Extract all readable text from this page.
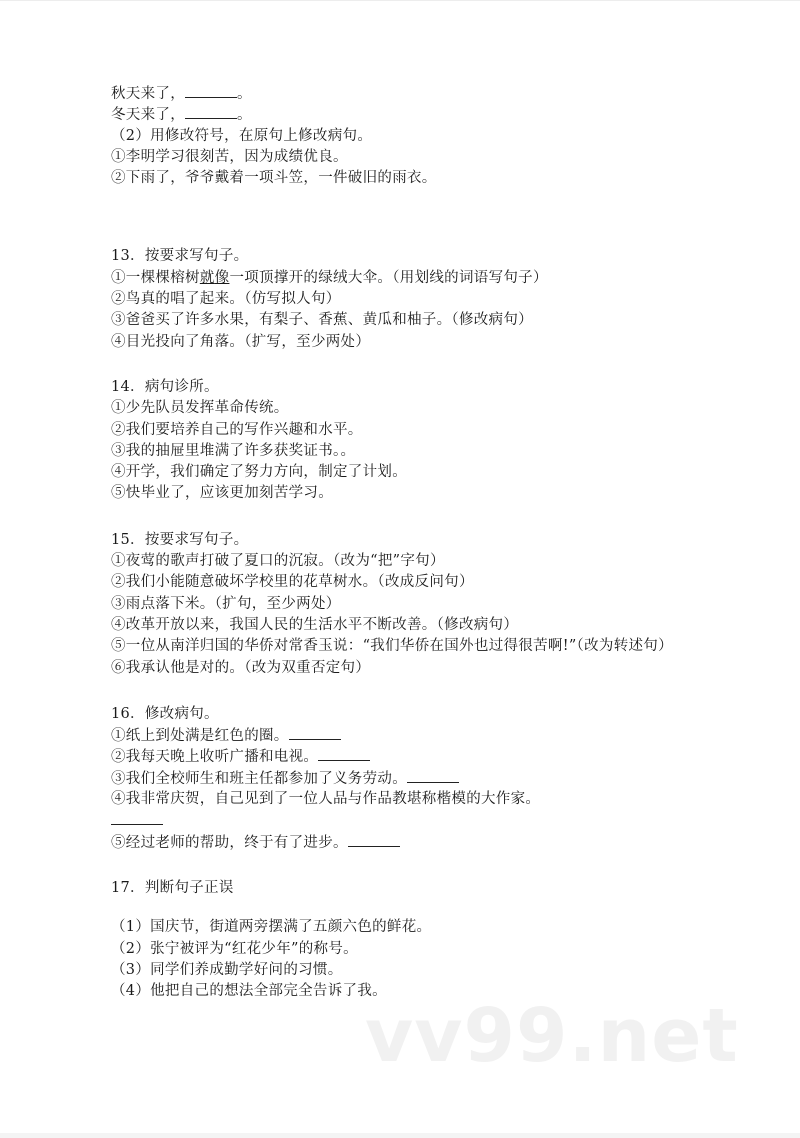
秋天来了，	。
冬天来了，	。
（2）用修改符号，在原句上修改病句。
①李明学习很刻苦，因为成绩优良。
②下雨了，爷爷戴着一项斗笠，一件破旧的雨衣。
13．按要求写句子。
①一棵棵榕树就像一项顶撑开的绿绒大伞。（用划线的词语写句子）
②鸟真的唱了起来。（仿写拟人句）
③爸爸买了许多水果，有梨子、香蕉、黄瓜和柚子。（修改病句）
④目光投向了角落。（扩写，至少两处）
14．病句诊所。
①少先队员发挥革命传统。
②我们要培养自己的写作兴趣和水平。
③我的抽屉里堆满了许多获奖证书。。
④开学，我们确定了努力方向，制定了计划。
⑤快毕业了，应该更加刻苦学习。
15．按要求写句子。
①夜莺的歌声打破了夏口的沉寂。（改为“把”字句）
②我们小能随意破坏学校里的花草树水。（改成反问句）
③雨点落下米。（扩句，至少两处）
④改革开放以来，我国人民的生活水平不断改善。（修改病句）
⑤一位从南洋归国的华侨对常香玉说：“我们华侨在国外也过得很苦啊!”（改为转述句）
⑥我承认他是对的。（改为双重否定句）
16．修改病句。
①纸上到处满是红色的圈。
②我每天晚上收听广播和电视。
③我们全校师生和班主任都参加了义务劳动。
④我非常庆贺，自己见到了一位人品与作品教堪称楷模的大作家。
⑤经过老师的帮助，终于有了进步。
17．判断句子正误
（1）国庆节，街道两旁摆满了五颜六色的鲜花。
（2）张宁被评为“红花少年”的称号。
（3）同学们养成勤学好问的习惯。
（4）他把自己的想法全部完全告诉了我。
vv99.net
